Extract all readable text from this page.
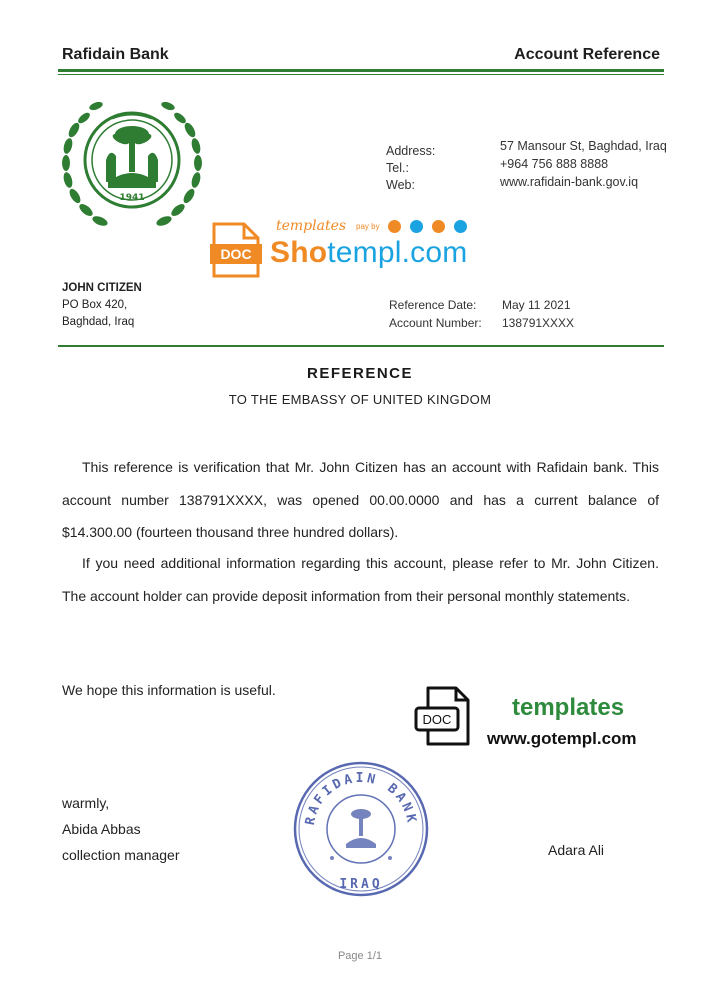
Rafidain Bank	Account Reference
1941
Address:
Tel.:
Web:
57 Mansour St, Baghdad, Iraq
+964 756 888 8888
www.rafidain-bank.gov.iq
DOC
templates pay by
Shotempl.com
JOHN CITIZEN
PO Box 420,
Baghdad, Iraq
Reference Date:
Account Number:
May 11 2021
138791XXXX
REFERENCE
TO THE EMBASSY OF UNITED KINGDOM
This reference is verification that Mr. John Citizen has an account with Rafidain bank. This account number 138791XXXX, was opened 00.00.0000 and has a current balance of $14.300.00 (fourteen thousand three hundred dollars).
If you need additional information regarding this account, please refer to Mr. John Citizen. The account holder can provide deposit information from their personal monthly statements.
We hope this information is useful.
DOC	templates
www.gotempl.com
warmly,
Abida Abbas
collection manager
RAFIDAIN BANK
IRAQ
Adara Ali
Page 1/1
